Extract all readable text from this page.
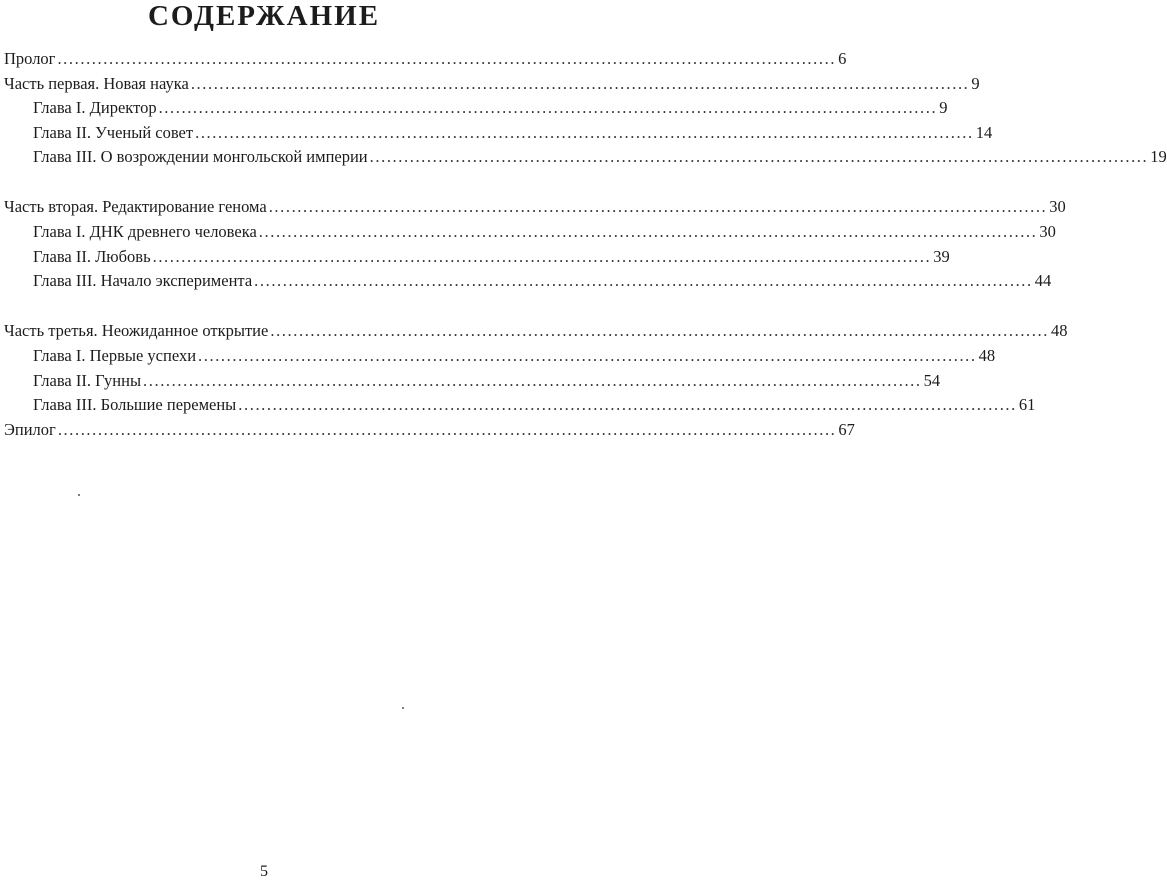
СОДЕРЖАНИЕ
Пролог ........................................................................................................................................ 6
Часть первая. Новая наука ........................................................................................................................................ 9
Глава I. Директор ........................................................................................................................................ 9
Глава II. Ученый совет ........................................................................................................................................ 14
Глава III. О возрождении монгольской империи ........................................................................................................................................ 19
Часть вторая. Редактирование генома ........................................................................................................................................ 30
Глава I. ДНК древнего человека ........................................................................................................................................ 30
Глава II. Любовь ........................................................................................................................................ 39
Глава III. Начало эксперимента ........................................................................................................................................ 44
Часть третья. Неожиданное открытие ........................................................................................................................................ 48
Глава I. Первые успехи ........................................................................................................................................ 48
Глава II. Гунны ........................................................................................................................................ 54
Глава III. Большие перемены ........................................................................................................................................ 61
Эпилог ........................................................................................................................................ 67
5
